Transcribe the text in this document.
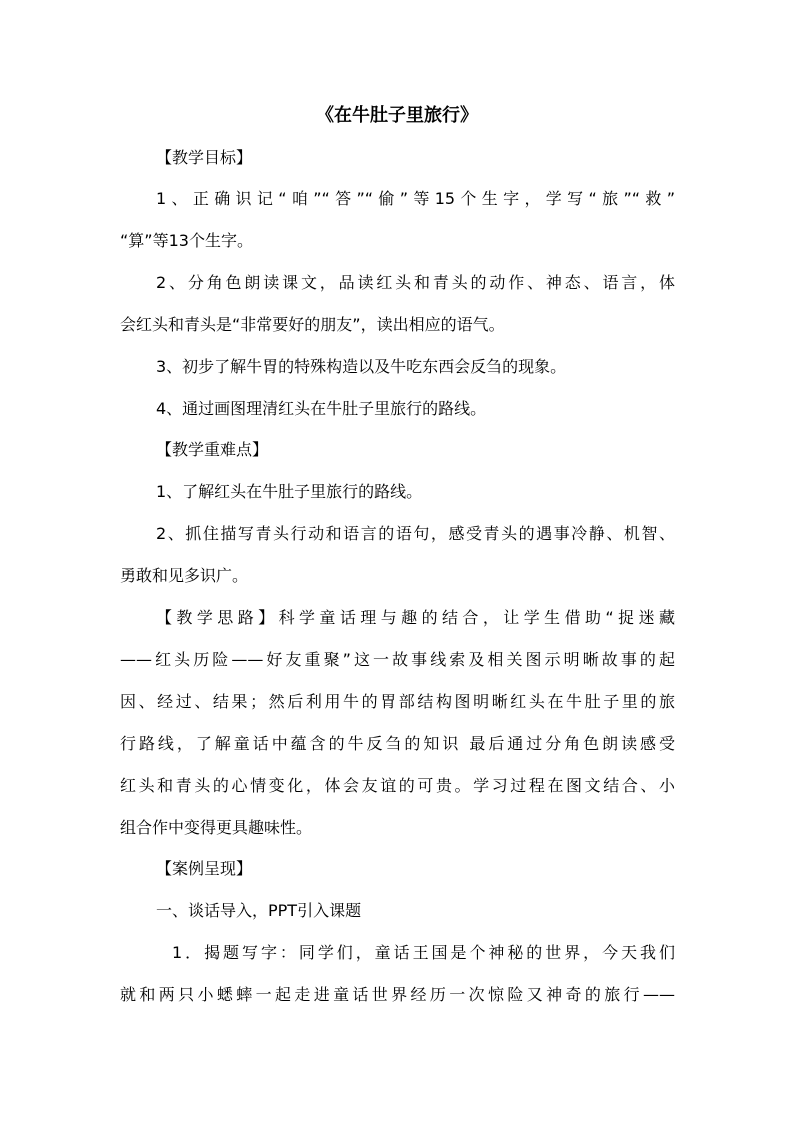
《在牛肚子里旅行》
【教学目标】
1、正确识记“咱”“答”“偷”等15个生字，学写“旅”“救”
“算”等13个生字。
2、分角色朗读课文，品读红头和青头的动作、神态、语言，体
会红头和青头是“非常要好的朋友”，读出相应的语气。
3、初步了解牛胃的特殊构造以及牛吃东西会反刍的现象。
4、通过画图理清红头在牛肚子里旅行的路线。
【教学重难点】
1、了解红头在牛肚子里旅行的路线。
2、抓住描写青头行动和语言的语句，感受青头的遇事冷静、机智、
勇敢和见多识广。
【教学思路】科学童话理与趣的结合，让学生借助“捉迷藏
——红头历险——好友重聚”这一故事线索及相关图示明晰故事的起
因、经过、结果；然后利用牛的胃部结构图明晰红头在牛肚子里的旅
行路线，了解童话中蕴含的牛反刍的知识 最后通过分角色朗读感受
红头和青头的心情变化，体会友谊的可贵。学习过程在图文结合、小
组合作中变得更具趣味性。
【案例呈现】
一、谈话导入，PPT引入课题
1．揭题写字：同学们，童话王国是个神秘的世界，今天我们
就和两只小蟋蟀一起走进童话世界经历一次惊险又神奇的旅行——
